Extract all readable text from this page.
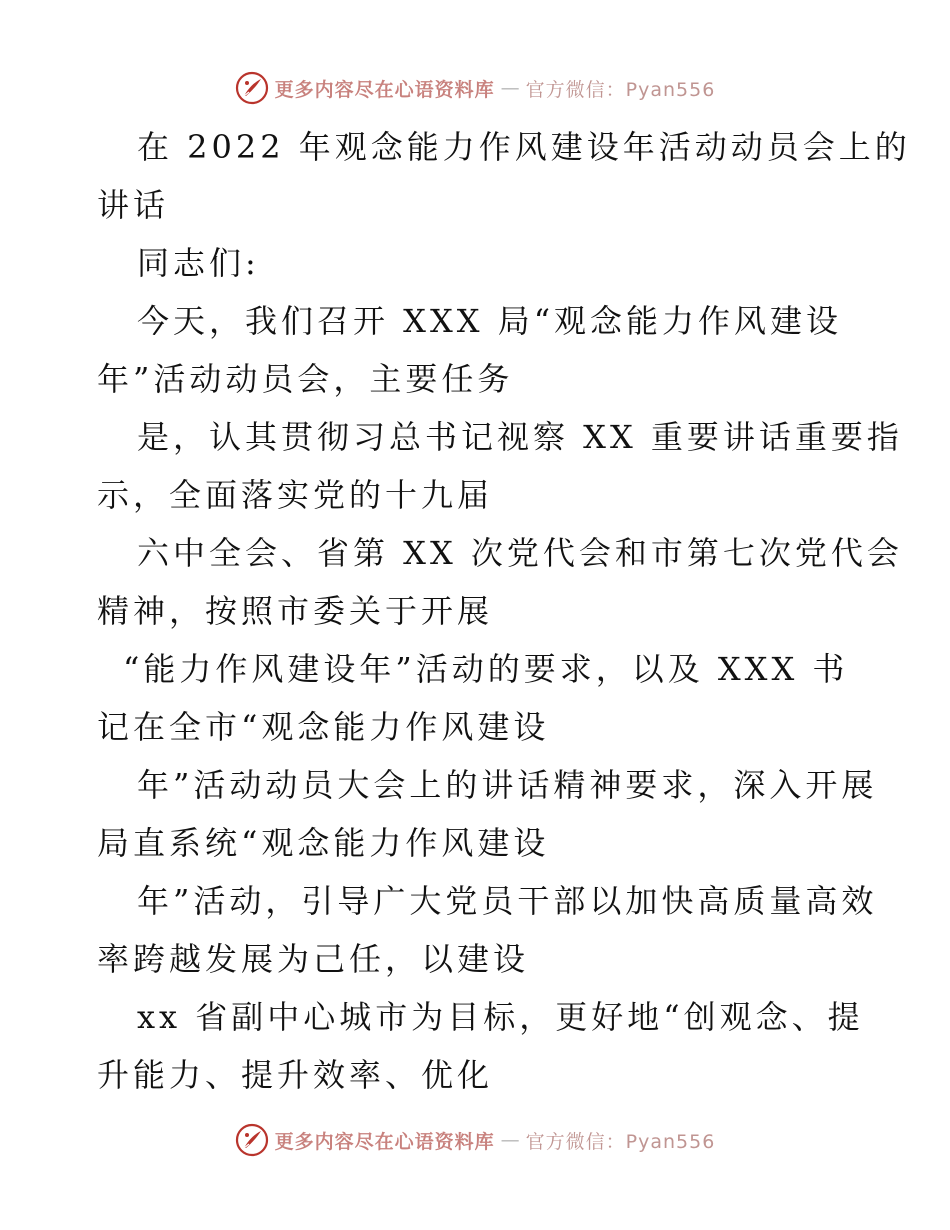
更多内容尽在心语资料库 — 官方微信：Pyan556
在 2022 年观念能力作风建设年活动动员会上的
讲话
同志们:
今天，我们召开 XXX 局“观念能力作风建设
年”活动动员会，主要任务
是，认其贯彻习总书记视察 XX 重要讲话重要指
示，全面落实党的十九届
六中全会、省第 XX 次党代会和市第七次党代会
精神，按照市委关于开展
“能力作风建设年”活动的要求，以及 XXX 书
记在全市“观念能力作风建设
年”活动动员大会上的讲话精神要求，深入开展
局直系统“观念能力作风建设
年”活动，引导广大党员干部以加快高质量高效
率跨越发展为己任，以建设
xx 省副中心城市为目标，更好地“创观念、提
升能力、提升效率、优化
更多内容尽在心语资料库 — 官方微信：Pyan556
